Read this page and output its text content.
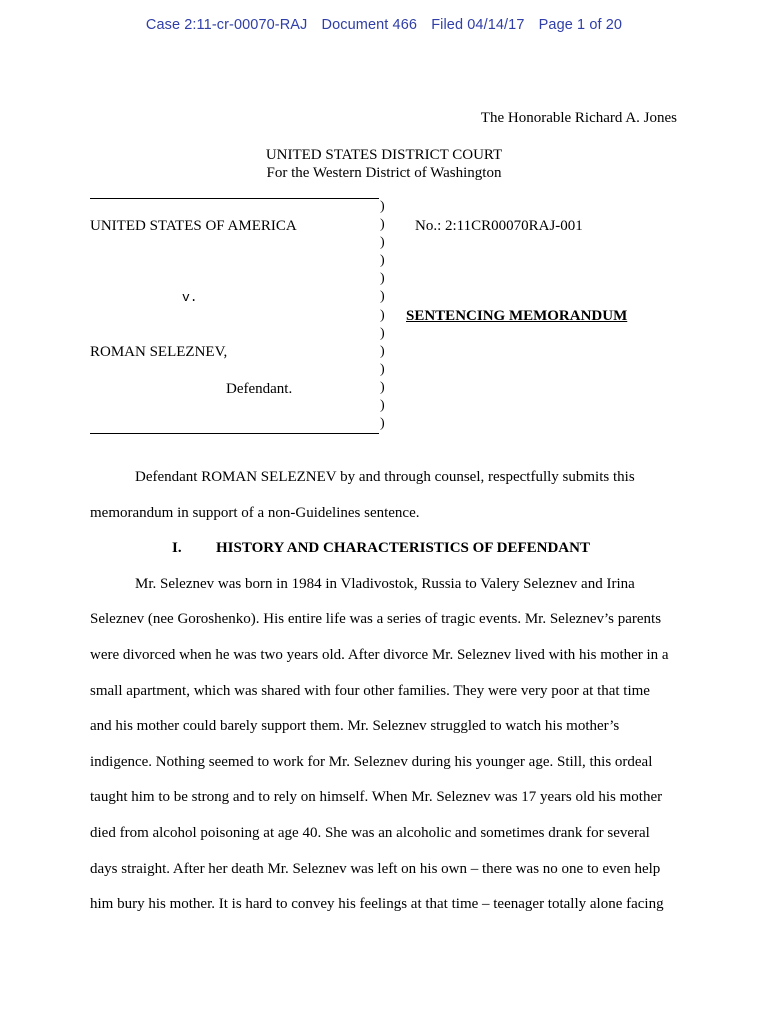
Case 2:11-cr-00070-RAJ Document 466 Filed 04/14/17 Page 1 of 20
The Honorable Richard A. Jones
UNITED STATES DISTRICT COURT
For the Western District of Washington
)
)
)
)
)
)
)
)
)
)
)
)
)
UNITED STATES OF AMERICA
v.
ROMAN SELEZNEV,
Defendant.
No.: 2:11CR00070RAJ-001
SENTENCING MEMORANDUM
Defendant ROMAN SELEZNEV by and through counsel, respectfully submits this
memorandum in support of a non-Guidelines sentence.
I. HISTORY AND CHARACTERISTICS OF DEFENDANT
Mr. Seleznev was born in 1984 in Vladivostok, Russia to Valery Seleznev and Irina
Seleznev (nee Goroshenko). His entire life was a series of tragic events. Mr. Seleznev’s parents
were divorced when he was two years old. After divorce Mr. Seleznev lived with his mother in a
small apartment, which was shared with four other families. They were very poor at that time
and his mother could barely support them. Mr. Seleznev struggled to watch his mother’s
indigence. Nothing seemed to work for Mr. Seleznev during his younger age. Still, this ordeal
taught him to be strong and to rely on himself. When Mr. Seleznev was 17 years old his mother
died from alcohol poisoning at age 40. She was an alcoholic and sometimes drank for several
days straight. After her death Mr. Seleznev was left on his own – there was no one to even help
him bury his mother. It is hard to convey his feelings at that time – teenager totally alone facing
